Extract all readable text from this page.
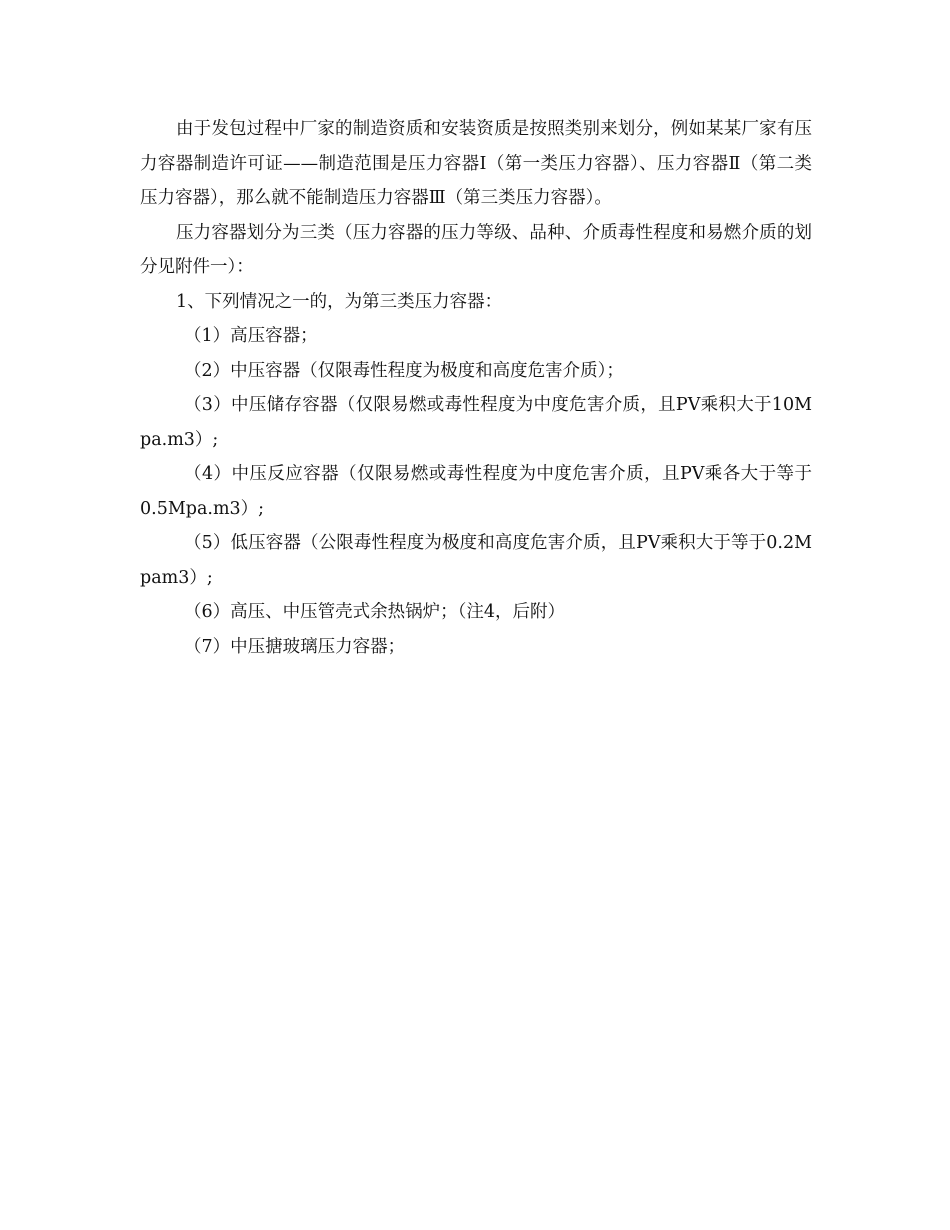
由于发包过程中厂家的制造资质和安装资质是按照类别来划分，例如某某厂家有压力容器制造许可证——制造范围是压力容器Ⅰ（第一类压力容器）、压力容器Ⅱ（第二类压力容器），那么就不能制造压力容器Ⅲ（第三类压力容器）。

压力容器划分为三类（压力容器的压力等级、品种、介质毒性程度和易燃介质的划分见附件一）：

1、下列情况之一的，为第三类压力容器：

（1）高压容器；

（2）中压容器（仅限毒性程度为极度和高度危害介质）；

（3）中压储存容器（仅限易燃或毒性程度为中度危害介质，且PV乘积大于10Mpa.m3）;

（4）中压反应容器（仅限易燃或毒性程度为中度危害介质，且PV乘各大于等于0.5Mpa.m3）;

（5）低压容器（公限毒性程度为极度和高度危害介质，且PV乘积大于等于0.2Mpam3）;

（6）高压、中压管壳式余热锅炉；（注4，后附）

（7）中压搪玻璃压力容器；
